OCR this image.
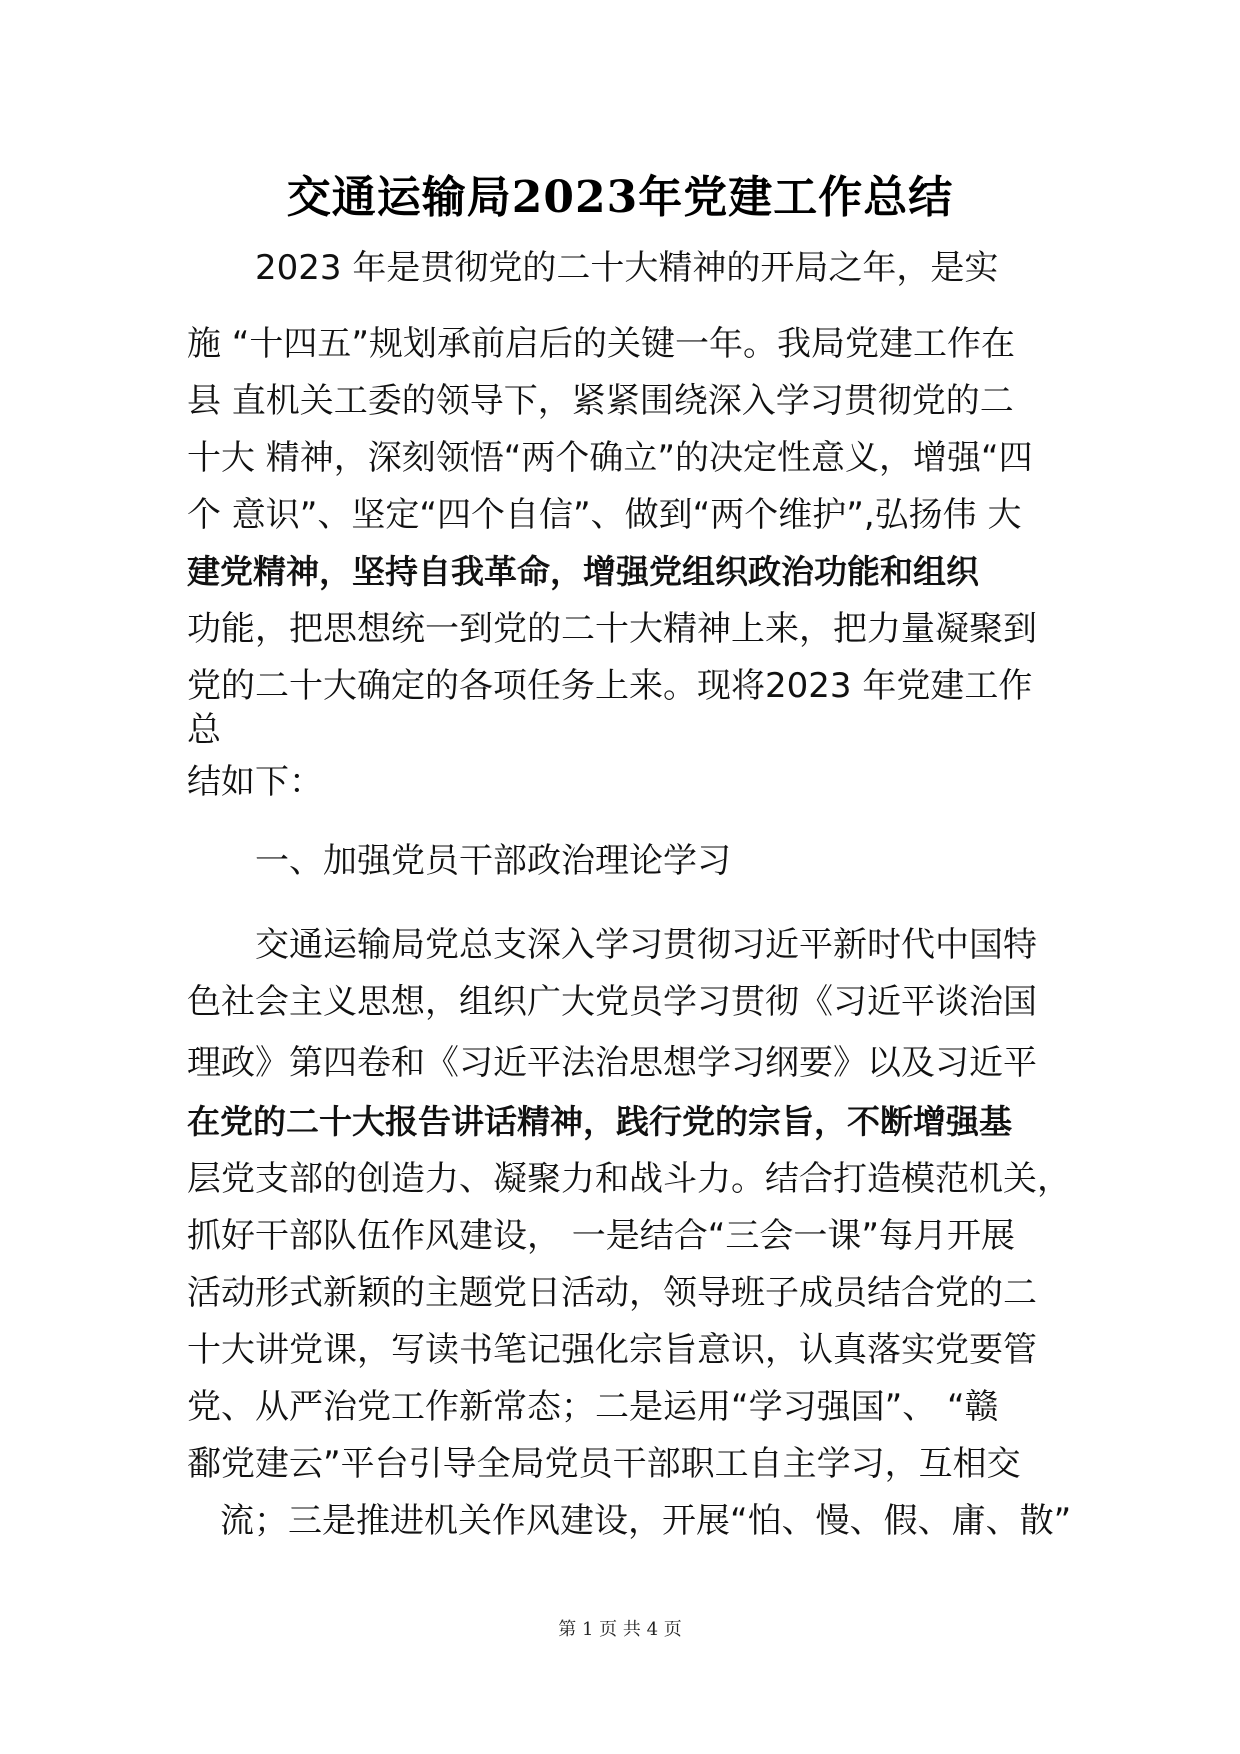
交通运输局2023年党建工作总结
2023 年是贯彻党的二十大精神的开局之年，是实
施 “十四五”规划承前启后的关键一年。我局党建工作在
县 直机关工委的领导下，紧紧围绕深入学习贯彻党的二
十大 精神，深刻领悟“两个确立”的决定性意义，增强“四
个 意识”、坚定“四个自信”、做到“两个维护”,弘扬伟 大
建党精神，坚持自我革命，增强党组织政治功能和组织
功能，把思想统一到党的二十大精神上来，把力量凝聚到
党的二十大确定的各项任务上来。现将2023 年党建工作
总
结如下：
一、加强党员干部政治理论学习
交通运输局党总支深入学习贯彻习近平新时代中国特
色社会主义思想，组织广大党员学习贯彻《习近平谈治国
理政》第四卷和《习近平法治思想学习纲要》以及习近平
在党的二十大报告讲话精神，践行党的宗旨，不断增强基
层党支部的创造力、凝聚力和战斗力。结合打造模范机关，
抓好干部队伍作风建设， 一是结合“三会一课”每月开展
活动形式新颖的主题党日活动，领导班子成员结合党的二
十大讲党课，写读书笔记强化宗旨意识，认真落实党要管
党、从严治党工作新常态；二是运用“学习强国”、 “赣
鄱党建云”平台引导全局党员干部职工自主学习，互相交
流；三是推进机关作风建设，开展“怕、慢、假、庸、散”
第 1 页 共 4 页
